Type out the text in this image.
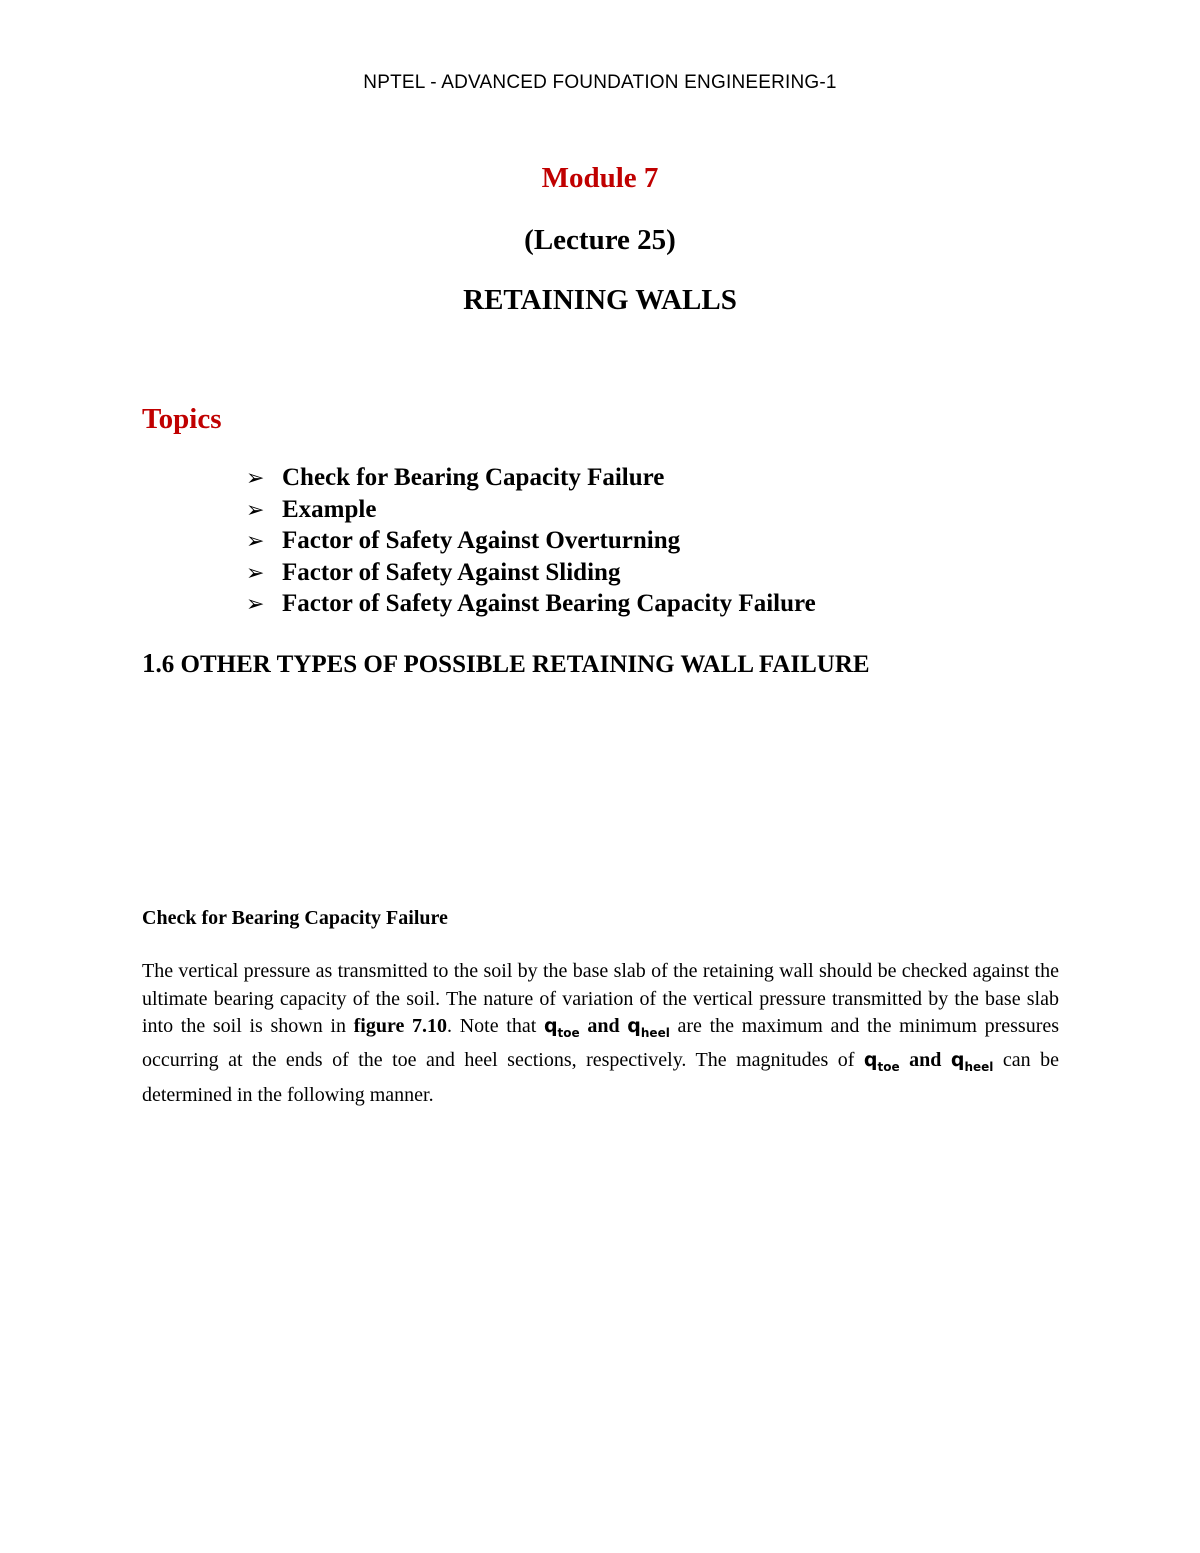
NPTEL - ADVANCED FOUNDATION ENGINEERING-1
Module 7
(Lecture 25)
RETAINING WALLS
Topics
➢ Check for Bearing Capacity Failure
➢ Example
➢ Factor of Safety Against Overturning
➢ Factor of Safety Against Sliding
➢ Factor of Safety Against Bearing Capacity Failure
1.6 OTHER TYPES OF POSSIBLE RETAINING WALL FAILURE
Check for Bearing Capacity Failure
The vertical pressure as transmitted to the soil by the base slab of the retaining wall should be checked against the ultimate bearing capacity of the soil. The nature of variation of the vertical pressure transmitted by the base slab into the soil is shown in figure 7.10. Note that $q_{toe}$ and $q_{heel}$ are the maximum and the minimum pressures occurring at the ends of the toe and heel sections, respectively. The magnitudes of $q_{toe}$ and $q_{heel}$ can be determined in the following manner.
